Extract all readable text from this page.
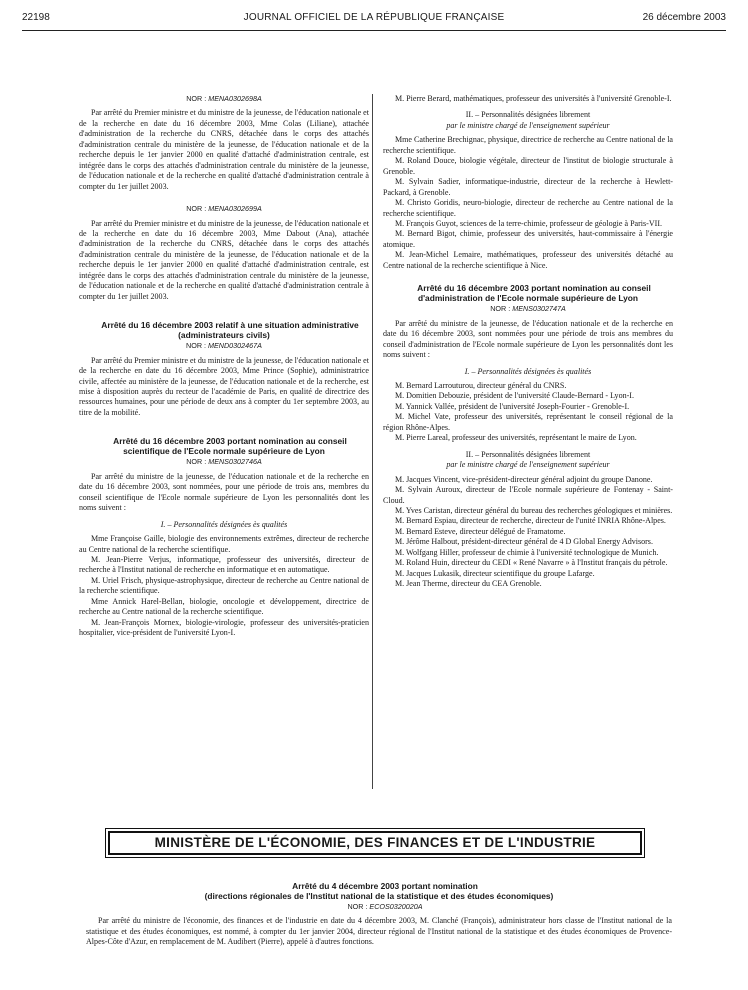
22198	JOURNAL OFFICIEL DE LA RÉPUBLIQUE FRANÇAISE	26 décembre 2003

NOR : MENA0302698A

Par arrêté du Premier ministre et du ministre de la jeunesse, de l'éducation nationale et de la recherche en date du 16 décembre 2003, Mme Colas (Liliane), attachée d'administration de la recherche du CNRS, détachée dans le corps des attachés d'administration centrale du ministère de la jeunesse, de l'éducation nationale et de la recherche depuis le 1er janvier 2000 en qualité d'attaché d'administration centrale, est intégrée dans le corps des attachés d'administration centrale du ministère de la jeunesse, de l'éducation nationale et de la recherche en qualité d'attaché d'administration centrale à compter du 1er juillet 2003.

NOR : MENA0302699A

Par arrêté du Premier ministre et du ministre de la jeunesse, de l'éducation nationale et de la recherche en date du 16 décembre 2003, Mme Dabout (Ana), attachée d'administration de la recherche du CNRS, détachée dans le corps des attachés d'administration centrale du ministère de la jeunesse, de l'éducation nationale et de la recherche depuis le 1er janvier 2000 en qualité d'attaché d'administration centrale, est intégrée dans le corps des attachés d'administration centrale du ministère de la jeunesse, de l'éducation nationale et de la recherche en qualité d'attaché d'administration centrale à compter du 1er juillet 2003.

Arrêté du 16 décembre 2003 relatif à une situation administrative (administrateurs civils)

NOR : MEND0302467A

Par arrêté du Premier ministre et du ministre de la jeunesse, de l'éducation nationale et de la recherche en date du 16 décembre 2003, Mme Prince (Sophie), administratrice civile, affectée au ministère de la jeunesse, de l'éducation nationale et de la recherche, est mise à disposition auprès du recteur de l'académie de Paris, en qualité de directrice des ressources humaines, pour une période de deux ans à compter du 1er septembre 2003, au titre de la mobilité.

Arrêté du 16 décembre 2003 portant nomination au conseil scientifique de l'Ecole normale supérieure de Lyon

NOR : MENS0302746A

Par arrêté du ministre de la jeunesse, de l'éducation nationale et de la recherche en date du 16 décembre 2003, sont nommées, pour une période de trois ans, membres du conseil scientifique de l'Ecole normale supérieure de Lyon les personnalités dont les noms suivent :

I. – Personnalités désignées ès qualités

Mme Françoise Gaille, biologie des environnements extrêmes, directeur de recherche au Centre national de la recherche scientifique.

M. Jean-Pierre Verjus, informatique, professeur des universités, directeur de recherche à l'Institut national de recherche en informatique et en automatique.

M. Uriel Frisch, physique-astrophysique, directeur de recherche au Centre national de la recherche scientifique.

Mme Annick Harel-Bellan, biologie, oncologie et développement, directrice de recherche au Centre national de la recherche scientifique.

M. Jean-François Mornex, biologie-virologie, professeur des universités-praticien hospitalier, vice-président de l'université Lyon-I.

M. Pierre Berard, mathématiques, professeur des universités à l'université Grenoble-I.

II. – Personnalités désignées librement
par le ministre chargé de l'enseignement supérieur

Mme Catherine Brechignac, physique, directrice de recherche au Centre national de la recherche scientifique.

M. Roland Douce, biologie végétale, directeur de l'institut de biologie structurale à Grenoble.

M. Sylvain Sadier, informatique-industrie, directeur de la recherche à Hewlett-Packard, à Grenoble.

M. Christo Goridis, neuro-biologie, directeur de recherche au Centre national de la recherche scientifique.

M. François Guyot, sciences de la terre-chimie, professeur de géologie à Paris-VII.

M. Bernard Bigot, chimie, professeur des universités, haut-commissaire à l'énergie atomique.

M. Jean-Michel Lemaire, mathématiques, professeur des universités détaché au Centre national de la recherche scientifique à Nice.

Arrêté du 16 décembre 2003 portant nomination au conseil d'administration de l'Ecole normale supérieure de Lyon

NOR : MENS0302747A

Par arrêté du ministre de la jeunesse, de l'éducation nationale et de la recherche en date du 16 décembre 2003, sont nommées pour une période de trois ans membres du conseil d'administration de l'Ecole normale supérieure de Lyon les personnalités dont les noms suivent :

I. – Personnalités désignées ès qualités

M. Bernard Larrouturou, directeur général du CNRS.

M. Domitien Debouzie, président de l'université Claude-Bernard - Lyon-I.

M. Yannick Vallée, président de l'université Joseph-Fourier - Grenoble-I.

M. Michel Vate, professeur des universités, représentant le conseil régional de la région Rhône-Alpes.

M. Pierre Lareal, professeur des universités, représentant le maire de Lyon.

II. – Personnalités désignées librement
par le ministre chargé de l'enseignement supérieur

M. Jacques Vincent, vice-président-directeur général adjoint du groupe Danone.

M. Sylvain Auroux, directeur de l'Ecole normale supérieure de Fontenay - Saint-Cloud.

M. Yves Caristan, directeur général du bureau des recherches géologiques et minières.

M. Bernard Espiau, directeur de recherche, directeur de l'unité INRIA Rhône-Alpes.

M. Bernard Esteve, directeur délégué de Framatome.

M. Jérôme Halbout, président-directeur général de 4 D Global Energy Advisors.

M. Wolfgang Hiller, professeur de chimie à l'université technologique de Munich.

M. Roland Huin, directeur du CEDI « René Navarre » à l'Institut français du pétrole.

M. Jacques Lukasik, directeur scientifique du groupe Lafarge.

M. Jean Therme, directeur du CEA Grenoble.

MINISTÈRE DE L'ÉCONOMIE, DES FINANCES ET DE L'INDUSTRIE

Arrêté du 4 décembre 2003 portant nomination
(directions régionales de l'Institut national de la statistique et des études économiques)

NOR : ECOS0320020A

Par arrêté du ministre de l'économie, des finances et de l'industrie en date du 4 décembre 2003, M. Clanché (François), administrateur hors classe de l'Institut national de la statistique et des études économiques, est nommé, à compter du 1er janvier 2004, directeur régional de l'Institut national de la statistique et des études économiques de Provence-Alpes-Côte d'Azur, en remplacement de M. Audibert (Pierre), appelé à d'autres fonctions.
